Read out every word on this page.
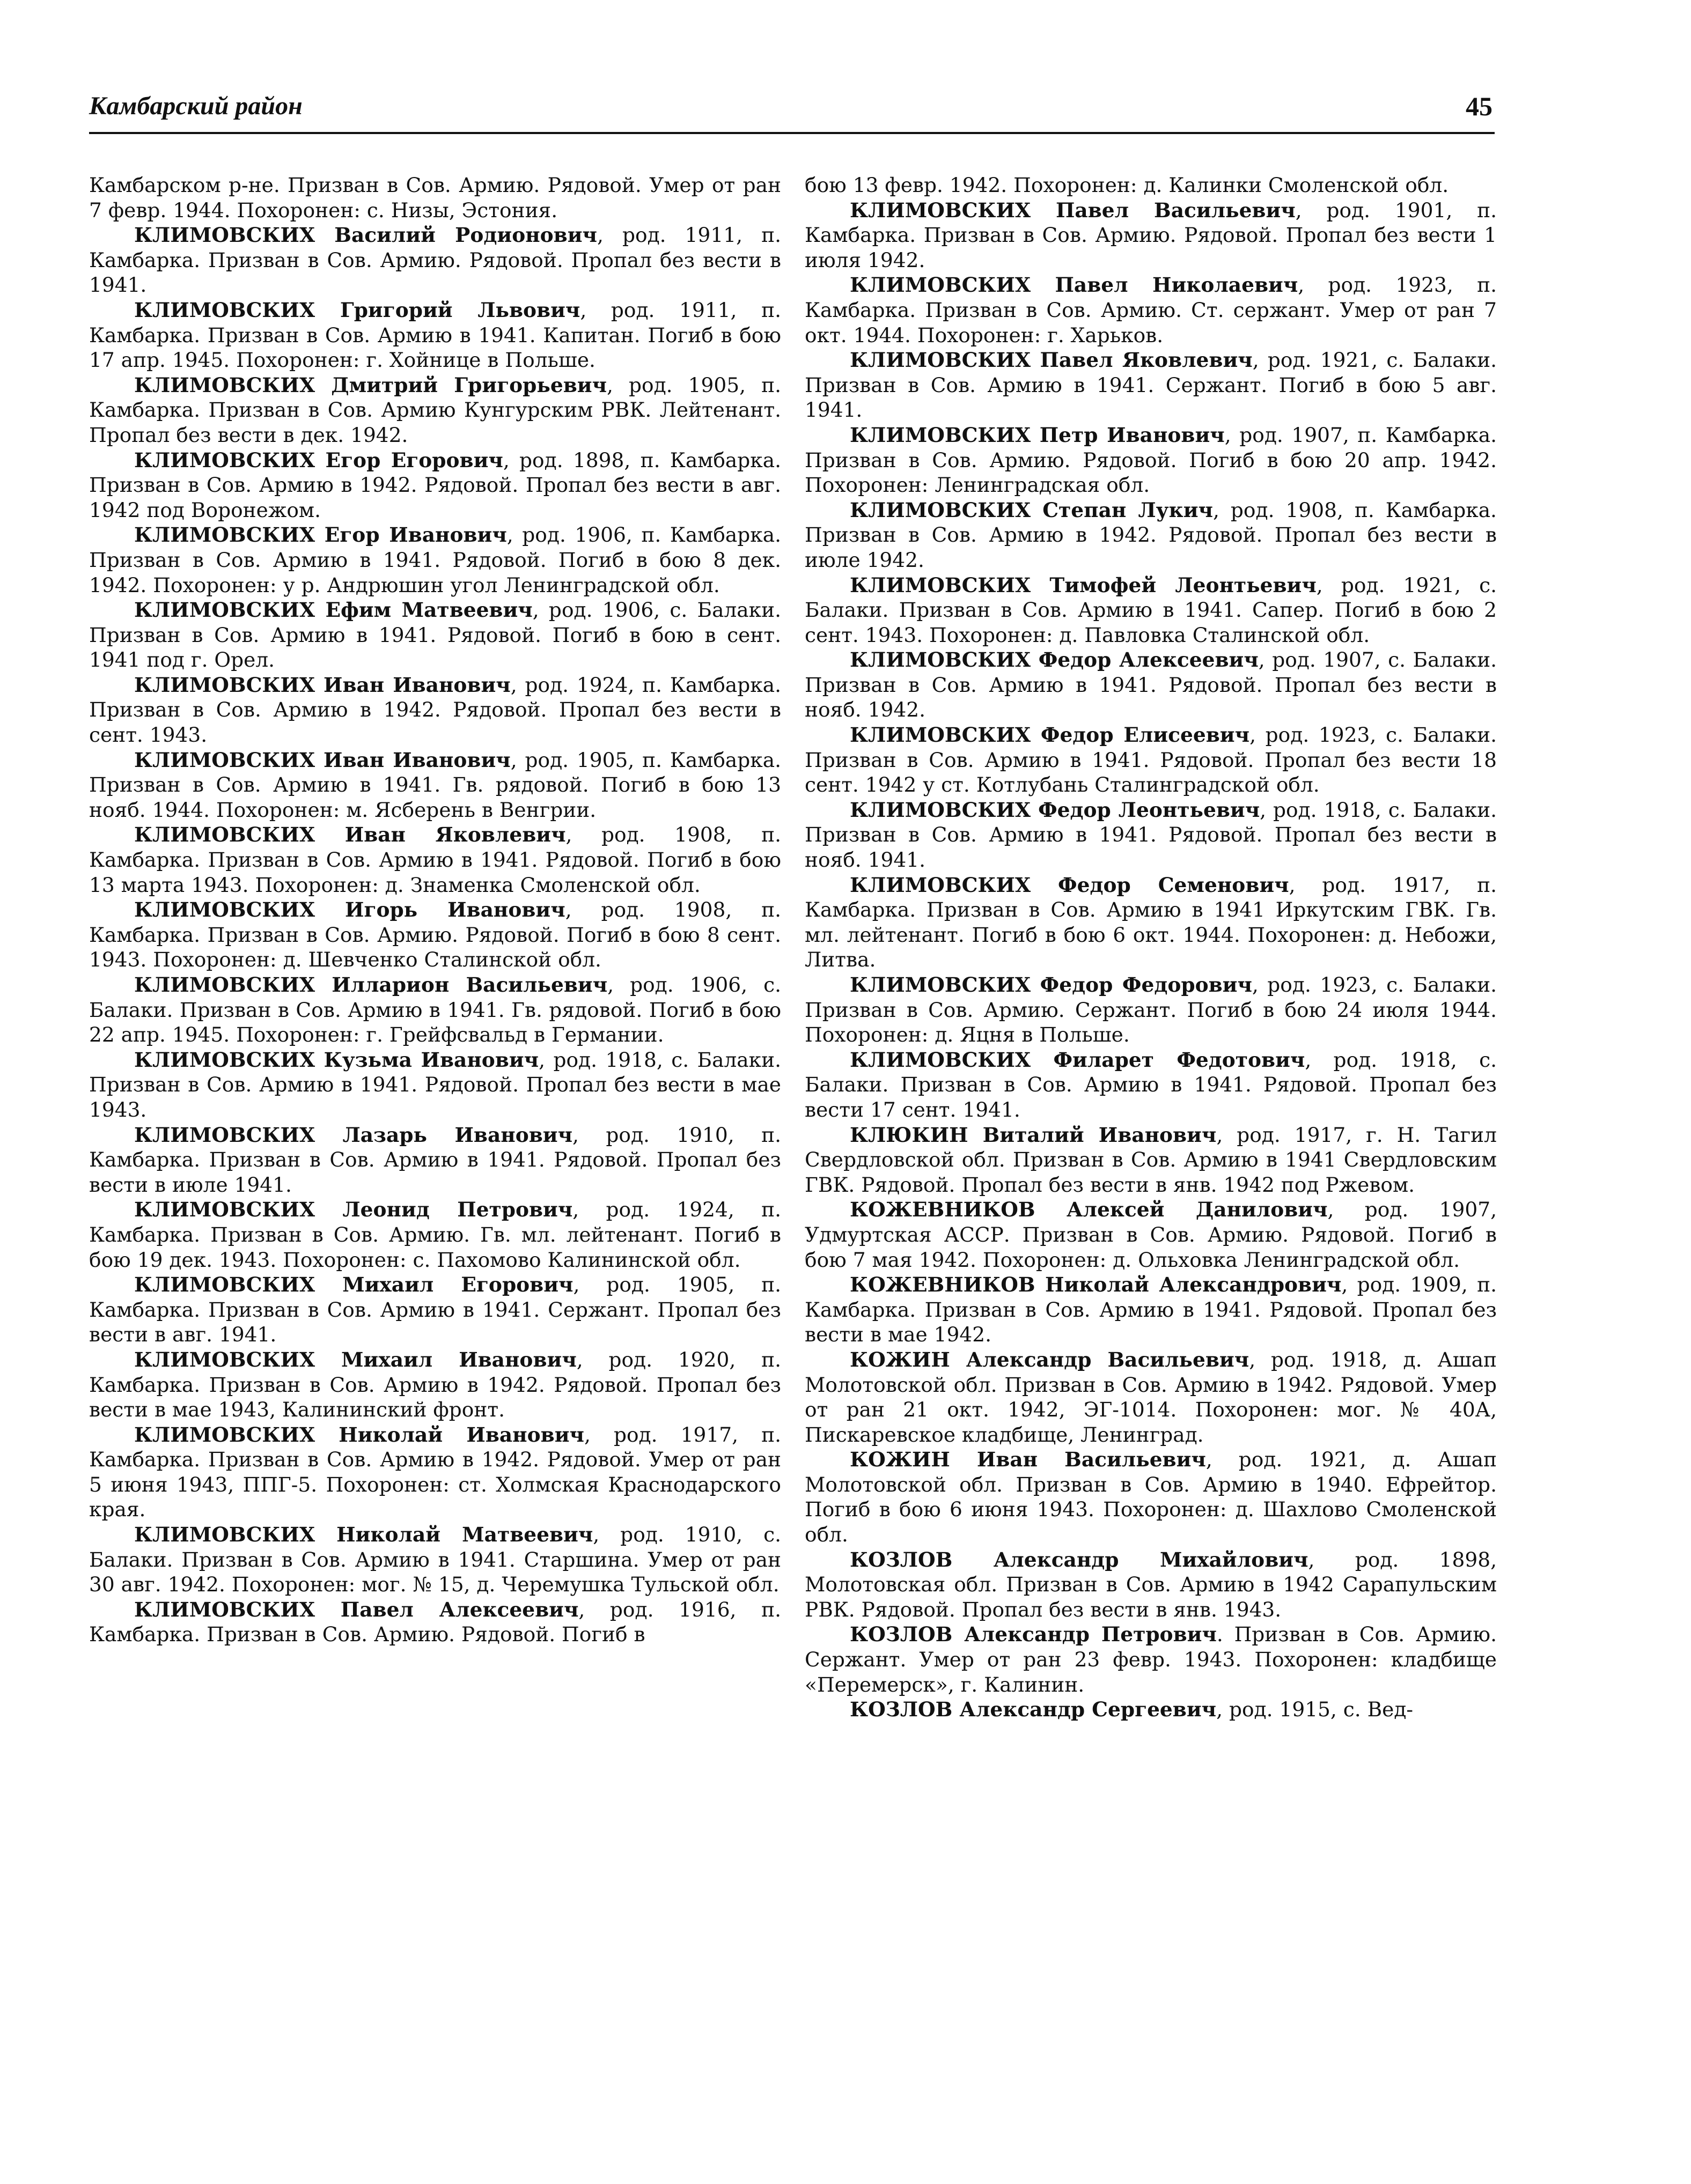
Камбарский район	45

Камбарском р-не. Призван в Сов. Армию. Рядовой. Умер от ран 7 февр. 1944. Похоронен: с. Низы, Эстония.

КЛИМОВСКИХ Василий Родионович, род. 1911, п. Камбарка. Призван в Сов. Армию. Рядовой. Пропал без вести в 1941.

КЛИМОВСКИХ Григорий Львович, род. 1911, п. Камбарка. Призван в Сов. Армию в 1941. Капитан. Погиб в бою 17 апр. 1945. Похоронен: г. Хойнице в Польше.

КЛИМОВСКИХ Дмитрий Григорьевич, род. 1905, п. Камбарка. Призван в Сов. Армию Кунгурским РВК. Лейтенант. Пропал без вести в дек. 1942.

КЛИМОВСКИХ Егор Егорович, род. 1898, п. Камбарка. Призван в Сов. Армию в 1942. Рядовой. Пропал без вести в авг. 1942 под Воронежом.

КЛИМОВСКИХ Егор Иванович, род. 1906, п. Камбарка. Призван в Сов. Армию в 1941. Рядовой. Погиб в бою 8 дек. 1942. Похоронен: у р. Андрюшин угол Ленинградской обл.

КЛИМОВСКИХ Ефим Матвеевич, род. 1906, с. Балаки. Призван в Сов. Армию в 1941. Рядовой. Погиб в бою в сент. 1941 под г. Орел.

КЛИМОВСКИХ Иван Иванович, род. 1924, п. Камбарка. Призван в Сов. Армию в 1942. Рядовой. Пропал без вести в сент. 1943.

КЛИМОВСКИХ Иван Иванович, род. 1905, п. Камбарка. Призван в Сов. Армию в 1941. Гв. рядовой. Погиб в бою 13 нояб. 1944. Похоронен: м. Ясберень в Венгрии.

КЛИМОВСКИХ Иван Яковлевич, род. 1908, п. Камбарка. Призван в Сов. Армию в 1941. Рядовой. Погиб в бою 13 марта 1943. Похоронен: д. Знаменка Смоленской обл.

КЛИМОВСКИХ Игорь Иванович, род. 1908, п. Камбарка. Призван в Сов. Армию. Рядовой. Погиб в бою 8 сент. 1943. Похоронен: д. Шевченко Сталинской обл.

КЛИМОВСКИХ Илларион Васильевич, род. 1906, с. Балаки. Призван в Сов. Армию в 1941. Гв. рядовой. Погиб в бою 22 апр. 1945. Похоронен: г. Грейфсвальд в Германии.

КЛИМОВСКИХ Кузьма Иванович, род. 1918, с. Балаки. Призван в Сов. Армию в 1941. Рядовой. Пропал без вести в мае 1943.

КЛИМОВСКИХ Лазарь Иванович, род. 1910, п. Камбарка. Призван в Сов. Армию в 1941. Рядовой. Пропал без вести в июле 1941.

КЛИМОВСКИХ Леонид Петрович, род. 1924, п. Камбарка. Призван в Сов. Армию. Гв. мл. лейтенант. Погиб в бою 19 дек. 1943. Похоронен: с. Пахомово Калининской обл.

КЛИМОВСКИХ Михаил Егорович, род. 1905, п. Камбарка. Призван в Сов. Армию в 1941. Сержант. Пропал без вести в авг. 1941.

КЛИМОВСКИХ Михаил Иванович, род. 1920, п. Камбарка. Призван в Сов. Армию в 1942. Рядовой. Пропал без вести в мае 1943, Калининский фронт.

КЛИМОВСКИХ Николай Иванович, род. 1917, п. Камбарка. Призван в Сов. Армию в 1942. Рядовой. Умер от ран 5 июня 1943, ППГ-5. Похоронен: ст. Холмская Краснодарского края.

КЛИМОВСКИХ Николай Матвеевич, род. 1910, с. Балаки. Призван в Сов. Армию в 1941. Старшина. Умер от ран 30 авг. 1942. Похоронен: мог. № 15, д. Черемушка Тульской обл.

КЛИМОВСКИХ Павел Алексеевич, род. 1916, п. Камбарка. Призван в Сов. Армию. Рядовой. Погиб в

бою 13 февр. 1942. Похоронен: д. Калинки Смоленской обл.

КЛИМОВСКИХ Павел Васильевич, род. 1901, п. Камбарка. Призван в Сов. Армию. Рядовой. Пропал без вести 1 июля 1942.

КЛИМОВСКИХ Павел Николаевич, род. 1923, п. Камбарка. Призван в Сов. Армию. Ст. сержант. Умер от ран 7 окт. 1944. Похоронен: г. Харьков.

КЛИМОВСКИХ Павел Яковлевич, род. 1921, с. Балаки. Призван в Сов. Армию в 1941. Сержант. Погиб в бою 5 авг. 1941.

КЛИМОВСКИХ Петр Иванович, род. 1907, п. Камбарка. Призван в Сов. Армию. Рядовой. Погиб в бою 20 апр. 1942. Похоронен: Ленинградская обл.

КЛИМОВСКИХ Степан Лукич, род. 1908, п. Камбарка. Призван в Сов. Армию в 1942. Рядовой. Пропал без вести в июле 1942.

КЛИМОВСКИХ Тимофей Леонтьевич, род. 1921, с. Балаки. Призван в Сов. Армию в 1941. Сапер. Погиб в бою 2 сент. 1943. Похоронен: д. Павловка Сталинской обл.

КЛИМОВСКИХ Федор Алексеевич, род. 1907, с. Балаки. Призван в Сов. Армию в 1941. Рядовой. Пропал без вести в нояб. 1942.

КЛИМОВСКИХ Федор Елисеевич, род. 1923, с. Балаки. Призван в Сов. Армию в 1941. Рядовой. Пропал без вести 18 сент. 1942 у ст. Котлубань Сталинградской обл.

КЛИМОВСКИХ Федор Леонтьевич, род. 1918, с. Балаки. Призван в Сов. Армию в 1941. Рядовой. Пропал без вести в нояб. 1941.

КЛИМОВСКИХ Федор Семенович, род. 1917, п. Камбарка. Призван в Сов. Армию в 1941 Иркутским ГВК. Гв. мл. лейтенант. Погиб в бою 6 окт. 1944. Похоронен: д. Небожи, Литва.

КЛИМОВСКИХ Федор Федорович, род. 1923, с. Балаки. Призван в Сов. Армию. Сержант. Погиб в бою 24 июля 1944. Похоронен: д. Яцня в Польше.

КЛИМОВСКИХ Филарет Федотович, род. 1918, с. Балаки. Призван в Сов. Армию в 1941. Рядовой. Пропал без вести 17 сент. 1941.

КЛЮКИН Виталий Иванович, род. 1917, г. Н. Тагил Свердловской обл. Призван в Сов. Армию в 1941 Свердловским ГВК. Рядовой. Пропал без вести в янв. 1942 под Ржевом.

КОЖЕВНИКОВ Алексей Данилович, род. 1907, Удмуртская АССР. Призван в Сов. Армию. Рядовой. Погиб в бою 7 мая 1942. Похоронен: д. Ольховка Ленинградской обл.

КОЖЕВНИКОВ Николай Александрович, род. 1909, п. Камбарка. Призван в Сов. Армию в 1941. Рядовой. Пропал без вести в мае 1942.

КОЖИН Александр Васильевич, род. 1918, д. Ашап Молотовской обл. Призван в Сов. Армию в 1942. Рядовой. Умер от ран 21 окт. 1942, ЭГ-1014. Похоронен: мог. № 40А, Пискаревское кладбище, Ленинград.

КОЖИН Иван Васильевич, род. 1921, д. Ашап Молотовской обл. Призван в Сов. Армию в 1940. Ефрейтор. Погиб в бою 6 июня 1943. Похоронен: д. Шахлово Смоленской обл.

КОЗЛОВ Александр Михайлович, род. 1898, Молотовская обл. Призван в Сов. Армию в 1942 Сарапульским РВК. Рядовой. Пропал без вести в янв. 1943.

КОЗЛОВ Александр Петрович. Призван в Сов. Армию. Сержант. Умер от ран 23 февр. 1943. Похоронен: кладбище «Перемерск», г. Калинин.

КОЗЛОВ Александр Сергеевич, род. 1915, с. Вед-
